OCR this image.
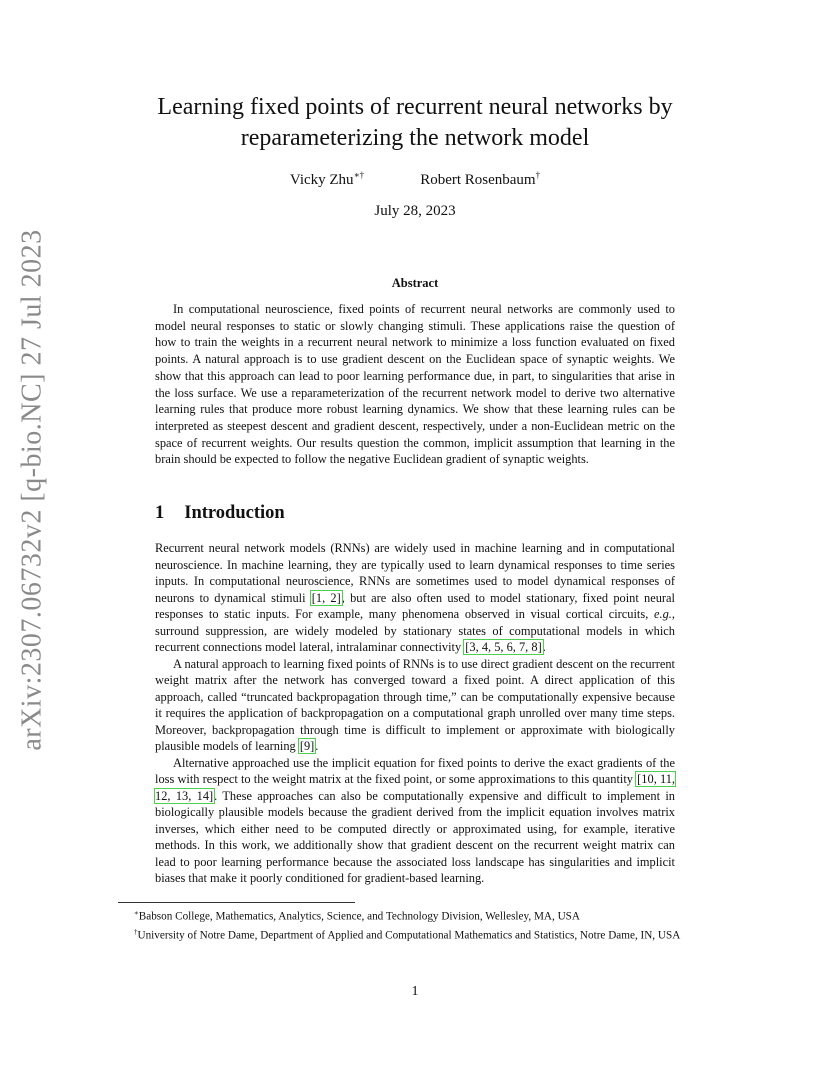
arXiv:2307.06732v2 [q-bio.NC] 27 Jul 2023
Learning fixed points of recurrent neural networks by reparameterizing the network model
Vicky Zhu∗†	Robert Rosenbaum†
July 28, 2023
Abstract

In computational neuroscience, fixed points of recurrent neural networks are commonly used to model neural responses to static or slowly changing stimuli. These applications raise the question of how to train the weights in a recurrent neural network to minimize a loss function evaluated on fixed points. A natural approach is to use gradient descent on the Euclidean space of synaptic weights. We show that this approach can lead to poor learning performance due, in part, to singularities that arise in the loss surface. We use a reparameterization of the recurrent network model to derive two alternative learning rules that produce more robust learning dynamics. We show that these learning rules can be interpreted as steepest descent and gradient descent, respectively, under a non-Euclidean metric on the space of recurrent weights. Our results question the common, implicit assumption that learning in the brain should be expected to follow the negative Euclidean gradient of synaptic weights.

1 Introduction

Recurrent neural network models (RNNs) are widely used in machine learning and in computational neuroscience. In machine learning, they are typically used to learn dynamical responses to time series inputs. In computational neuroscience, RNNs are sometimes used to model dynamical responses of neurons to dynamical stimuli [1, 2], but are also often used to model stationary, fixed point neural responses to static inputs. For example, many phenomena observed in visual cortical circuits, e.g., surround suppression, are widely modeled by stationary states of computational models in which recurrent connections model lateral, intralaminar connectivity [3, 4, 5, 6, 7, 8].

A natural approach to learning fixed points of RNNs is to use direct gradient descent on the recurrent weight matrix after the network has converged toward a fixed point. A direct application of this approach, called “truncated backpropagation through time,” can be computationally expensive because it requires the application of backpropagation on a computational graph unrolled over many time steps. Moreover, backpropagation through time is difficult to implement or approximate with biologically plausible models of learning [9].

Alternative approached use the implicit equation for fixed points to derive the exact gradients of the loss with respect to the weight matrix at the fixed point, or some approximations to this quantity [10, 11, 12, 13, 14]. These approaches can also be computationally expensive and difficult to implement in biologically plausible models because the gradient derived from the implicit equation involves matrix inverses, which either need to be computed directly or approximated using, for example, iterative methods. In this work, we additionally show that gradient descent on the recurrent weight matrix can lead to poor learning performance because the associated loss landscape has singularities and implicit biases that make it poorly conditioned for gradient-based learning.

∗Babson College, Mathematics, Analytics, Science, and Technology Division, Wellesley, MA, USA
†University of Notre Dame, Department of Applied and Computational Mathematics and Statistics, Notre Dame, IN, USA
1
